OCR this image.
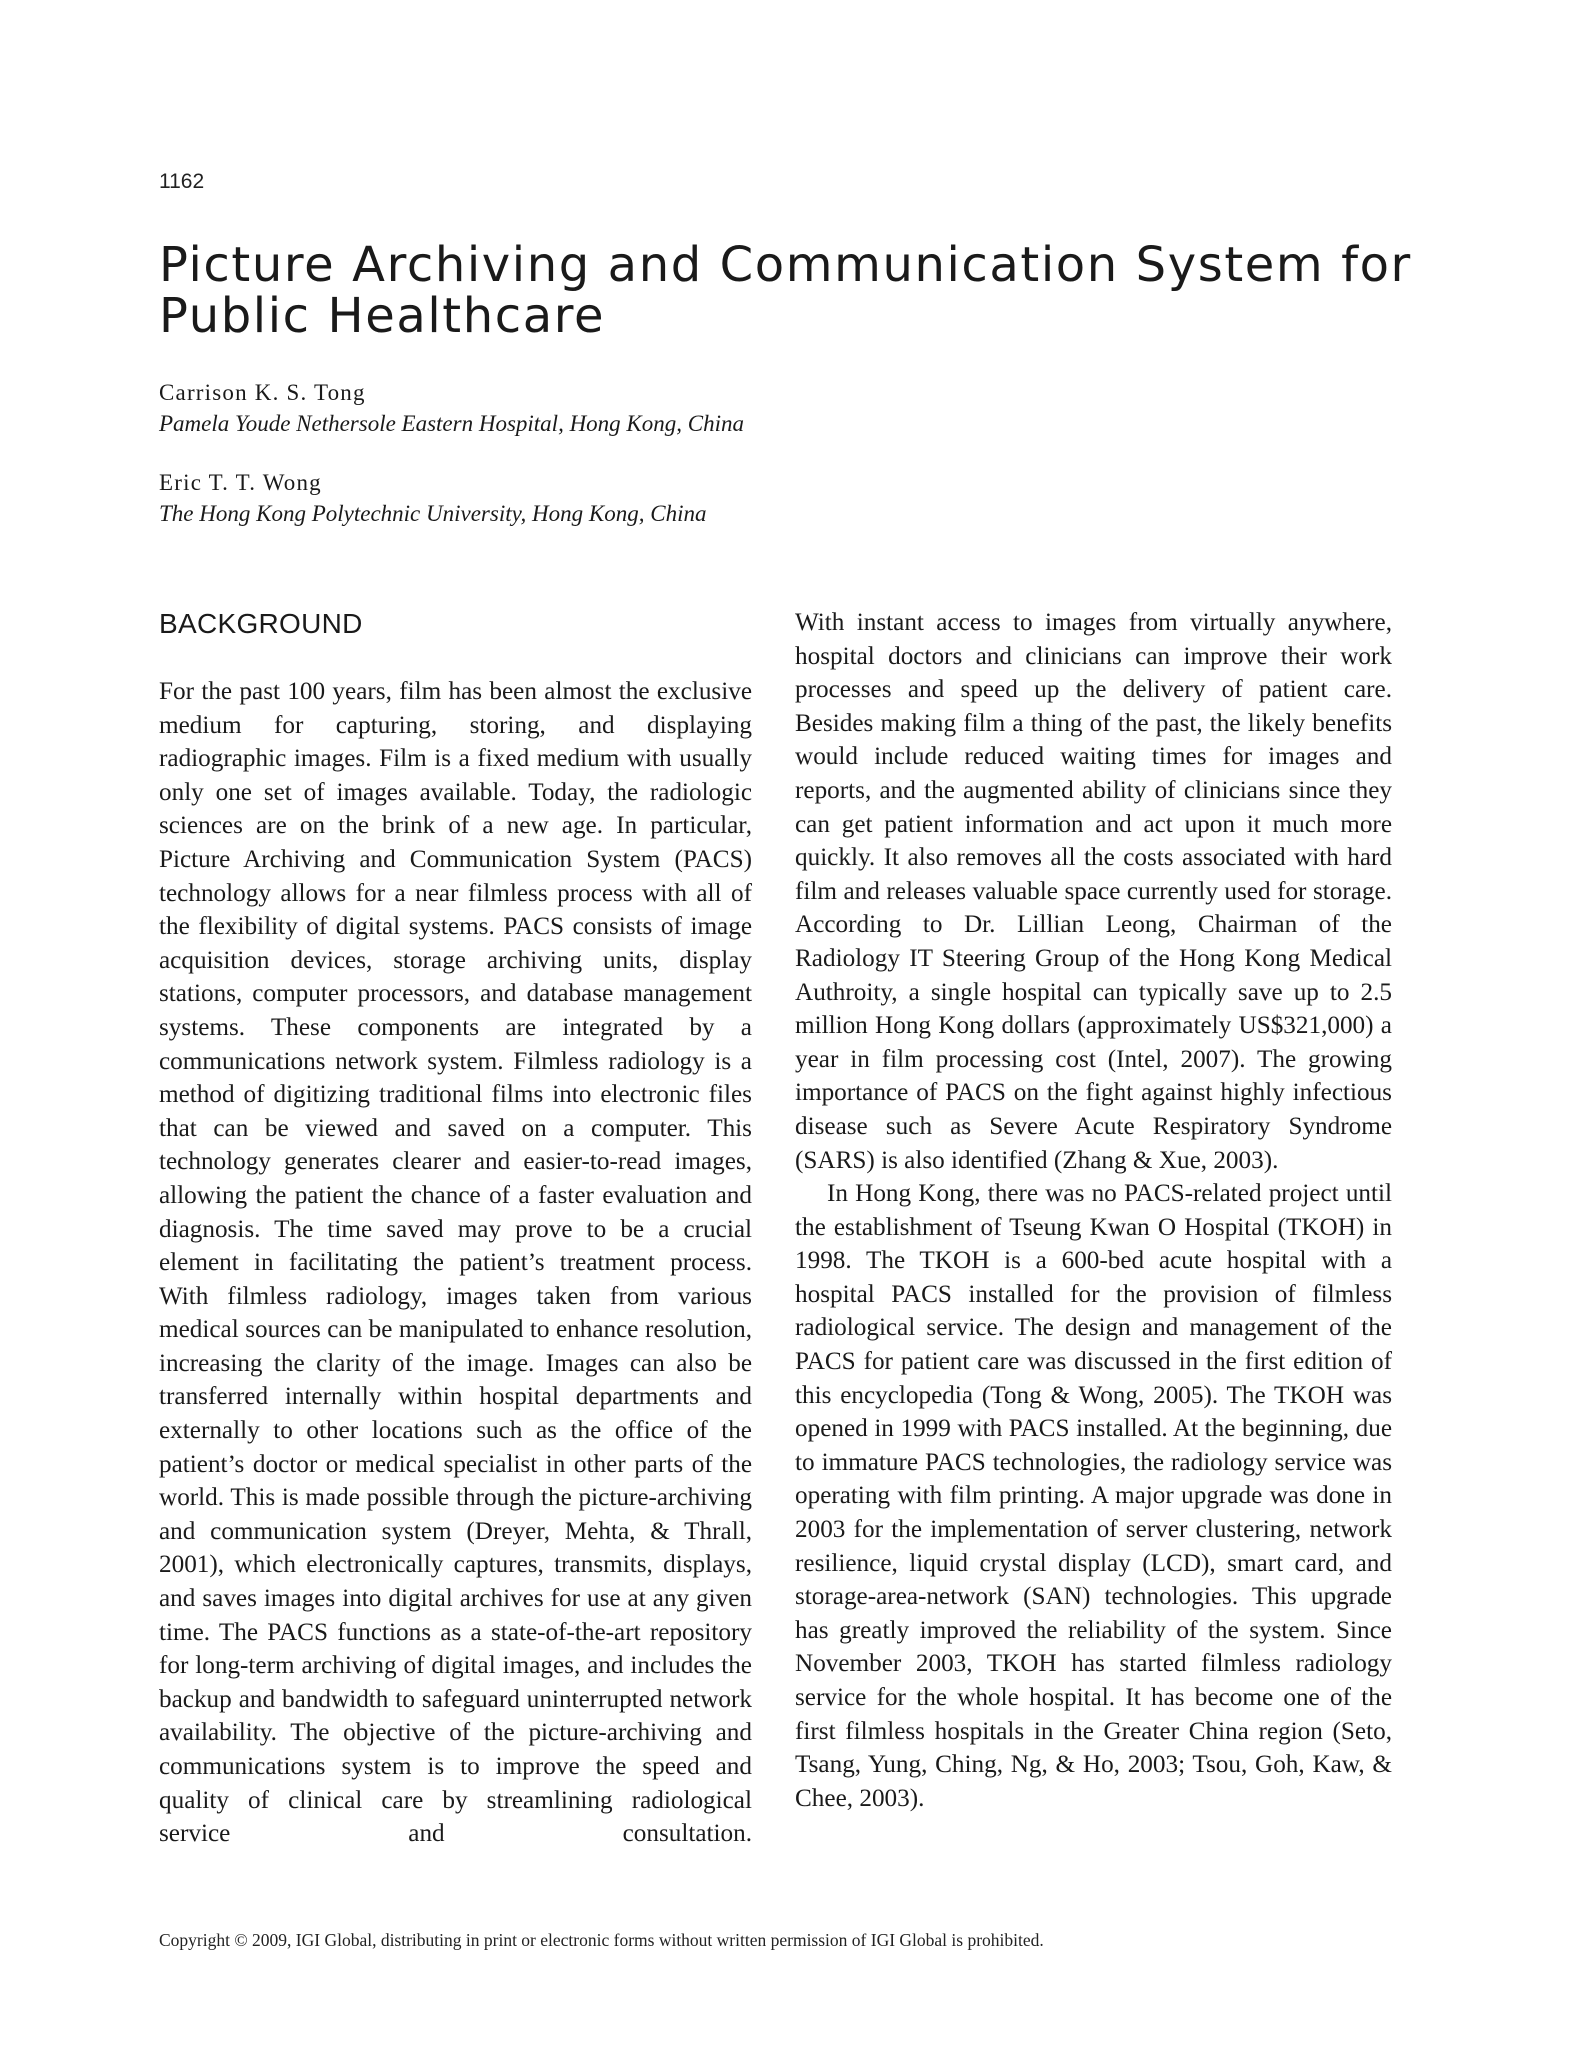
1162
Picture Archiving and Communication System for Public Healthcare
Carrison K. S. Tong
Pamela Youde Nethersole Eastern Hospital, Hong Kong, China
Eric T. T. Wong
The Hong Kong Polytechnic University, Hong Kong, China
BACKGROUND

For the past 100 years, film has been almost the exclusive medium for capturing, storing, and displaying radiographic images. Film is a fixed medium with usually only one set of images available. Today, the radiologic sciences are on the brink of a new age. In particular, Picture Archiving and Communication System (PACS) technology allows for a near filmless process with all of the flexibility of digital systems. PACS consists of image acquisition devices, storage archiving units, display stations, computer processors, and database management systems. These components are integrated by a communications network system. Filmless radiology is a method of digitizing traditional films into electronic files that can be viewed and saved on a computer. This technology generates clearer and easier-to-read images, allowing the patient the chance of a faster evaluation and diagnosis. The time saved may prove to be a crucial element in facilitating the patient’s treatment process. With filmless radiology, images taken from various medical sources can be manipulated to enhance resolution, increasing the clarity of the image. Images can also be transferred internally within hospital departments and externally to other locations such as the office of the patient’s doctor or medical specialist in other parts of the world. This is made possible through the picture-archiving and communication system (Dreyer, Mehta, & Thrall, 2001), which electronically captures, transmits, displays, and saves images into digital archives for use at any given time. The PACS functions as a state-of-the-art repository for long-term archiving of digital images, and includes the backup and bandwidth to safeguard uninterrupted network availability. The objective of the picture-archiving and communications system is to improve the speed and quality of clinical care by streamlining radiological service and consultation.

With instant access to images from virtually anywhere, hospital doctors and clinicians can improve their work processes and speed up the delivery of patient care. Besides making film a thing of the past, the likely benefits would include reduced waiting times for images and reports, and the augmented ability of clinicians since they can get patient information and act upon it much more quickly. It also removes all the costs associated with hard film and releases valuable space currently used for storage. According to Dr. Lillian Leong, Chairman of the Radiology IT Steering Group of the Hong Kong Medical Authroity, a single hospital can typically save up to 2.5 million Hong Kong dollars (approximately US$321,000) a year in film processing cost (Intel, 2007). The growing importance of PACS on the fight against highly infectious disease such as Severe Acute Respiratory Syndrome (SARS) is also identified (Zhang & Xue, 2003).

In Hong Kong, there was no PACS-related project until the establishment of Tseung Kwan O Hospital (TKOH) in 1998. The TKOH is a 600-bed acute hospital with a hospital PACS installed for the provision of filmless radiological service. The design and management of the PACS for patient care was discussed in the first edition of this encyclopedia (Tong & Wong, 2005). The TKOH was opened in 1999 with PACS installed. At the beginning, due to immature PACS technologies, the radiology service was operating with film printing. A major upgrade was done in 2003 for the implementation of server clustering, network resilience, liquid crystal display (LCD), smart card, and storage-area-network (SAN) technologies. This upgrade has greatly improved the reliability of the system. Since November 2003, TKOH has started filmless radiology service for the whole hospital. It has become one of the first filmless hospitals in the Greater China region (Seto, Tsang, Yung, Ching, Ng, & Ho, 2003; Tsou, Goh, Kaw, & Chee, 2003).

Copyright © 2009, IGI Global, distributing in print or electronic forms without written permission of IGI Global is prohibited.
